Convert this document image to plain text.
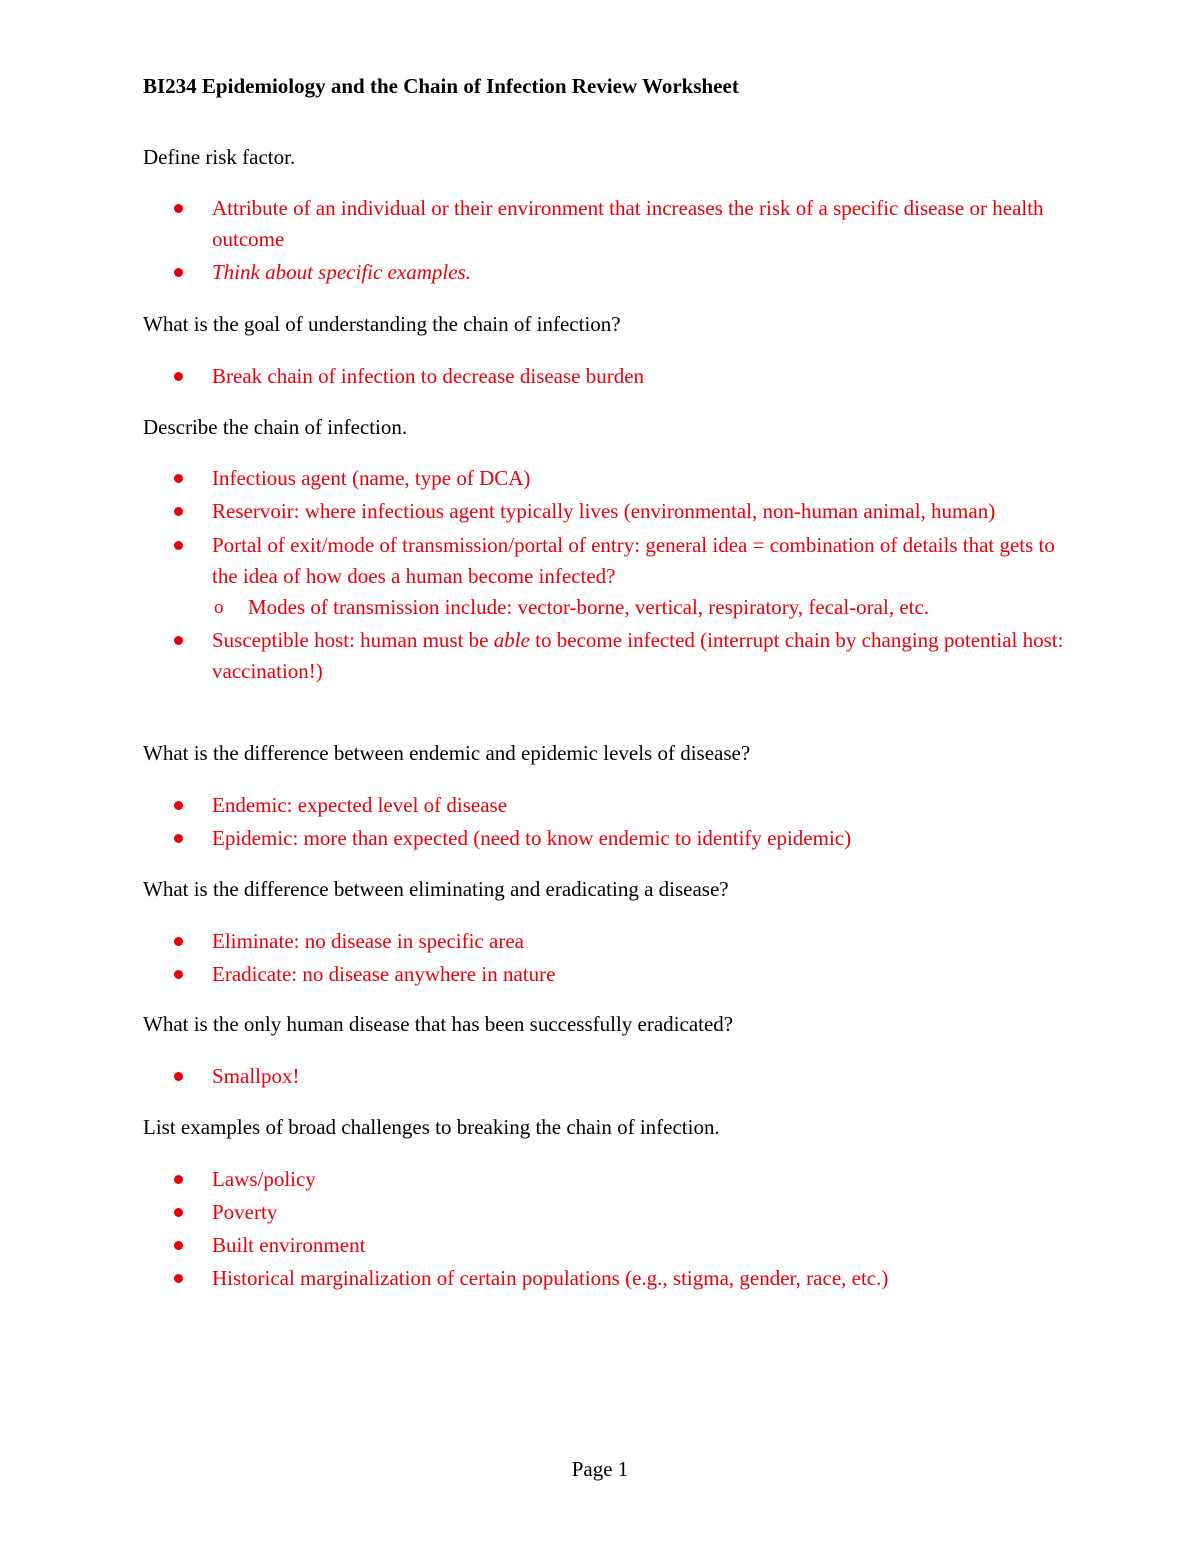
BI234 Epidemiology and the Chain of Infection Review Worksheet
Define risk factor.
Attribute of an individual or their environment that increases the risk of a specific disease or health outcome
Think about specific examples.
What is the goal of understanding the chain of infection?
Break chain of infection to decrease disease burden
Describe the chain of infection.
Infectious agent (name, type of DCA)
Reservoir: where infectious agent typically lives (environmental, non-human animal, human)
Portal of exit/mode of transmission/portal of entry: general idea = combination of details that gets to the idea of how does a human become infected?
o Modes of transmission include: vector-borne, vertical, respiratory, fecal-oral, etc.
Susceptible host: human must be able to become infected (interrupt chain by changing potential host: vaccination!)
What is the difference between endemic and epidemic levels of disease?
Endemic: expected level of disease
Epidemic: more than expected (need to know endemic to identify epidemic)
What is the difference between eliminating and eradicating a disease?
Eliminate: no disease in specific area
Eradicate: no disease anywhere in nature
What is the only human disease that has been successfully eradicated?
Smallpox!
List examples of broad challenges to breaking the chain of infection.
Laws/policy
Poverty
Built environment
Historical marginalization of certain populations (e.g., stigma, gender, race, etc.)
Page 1
